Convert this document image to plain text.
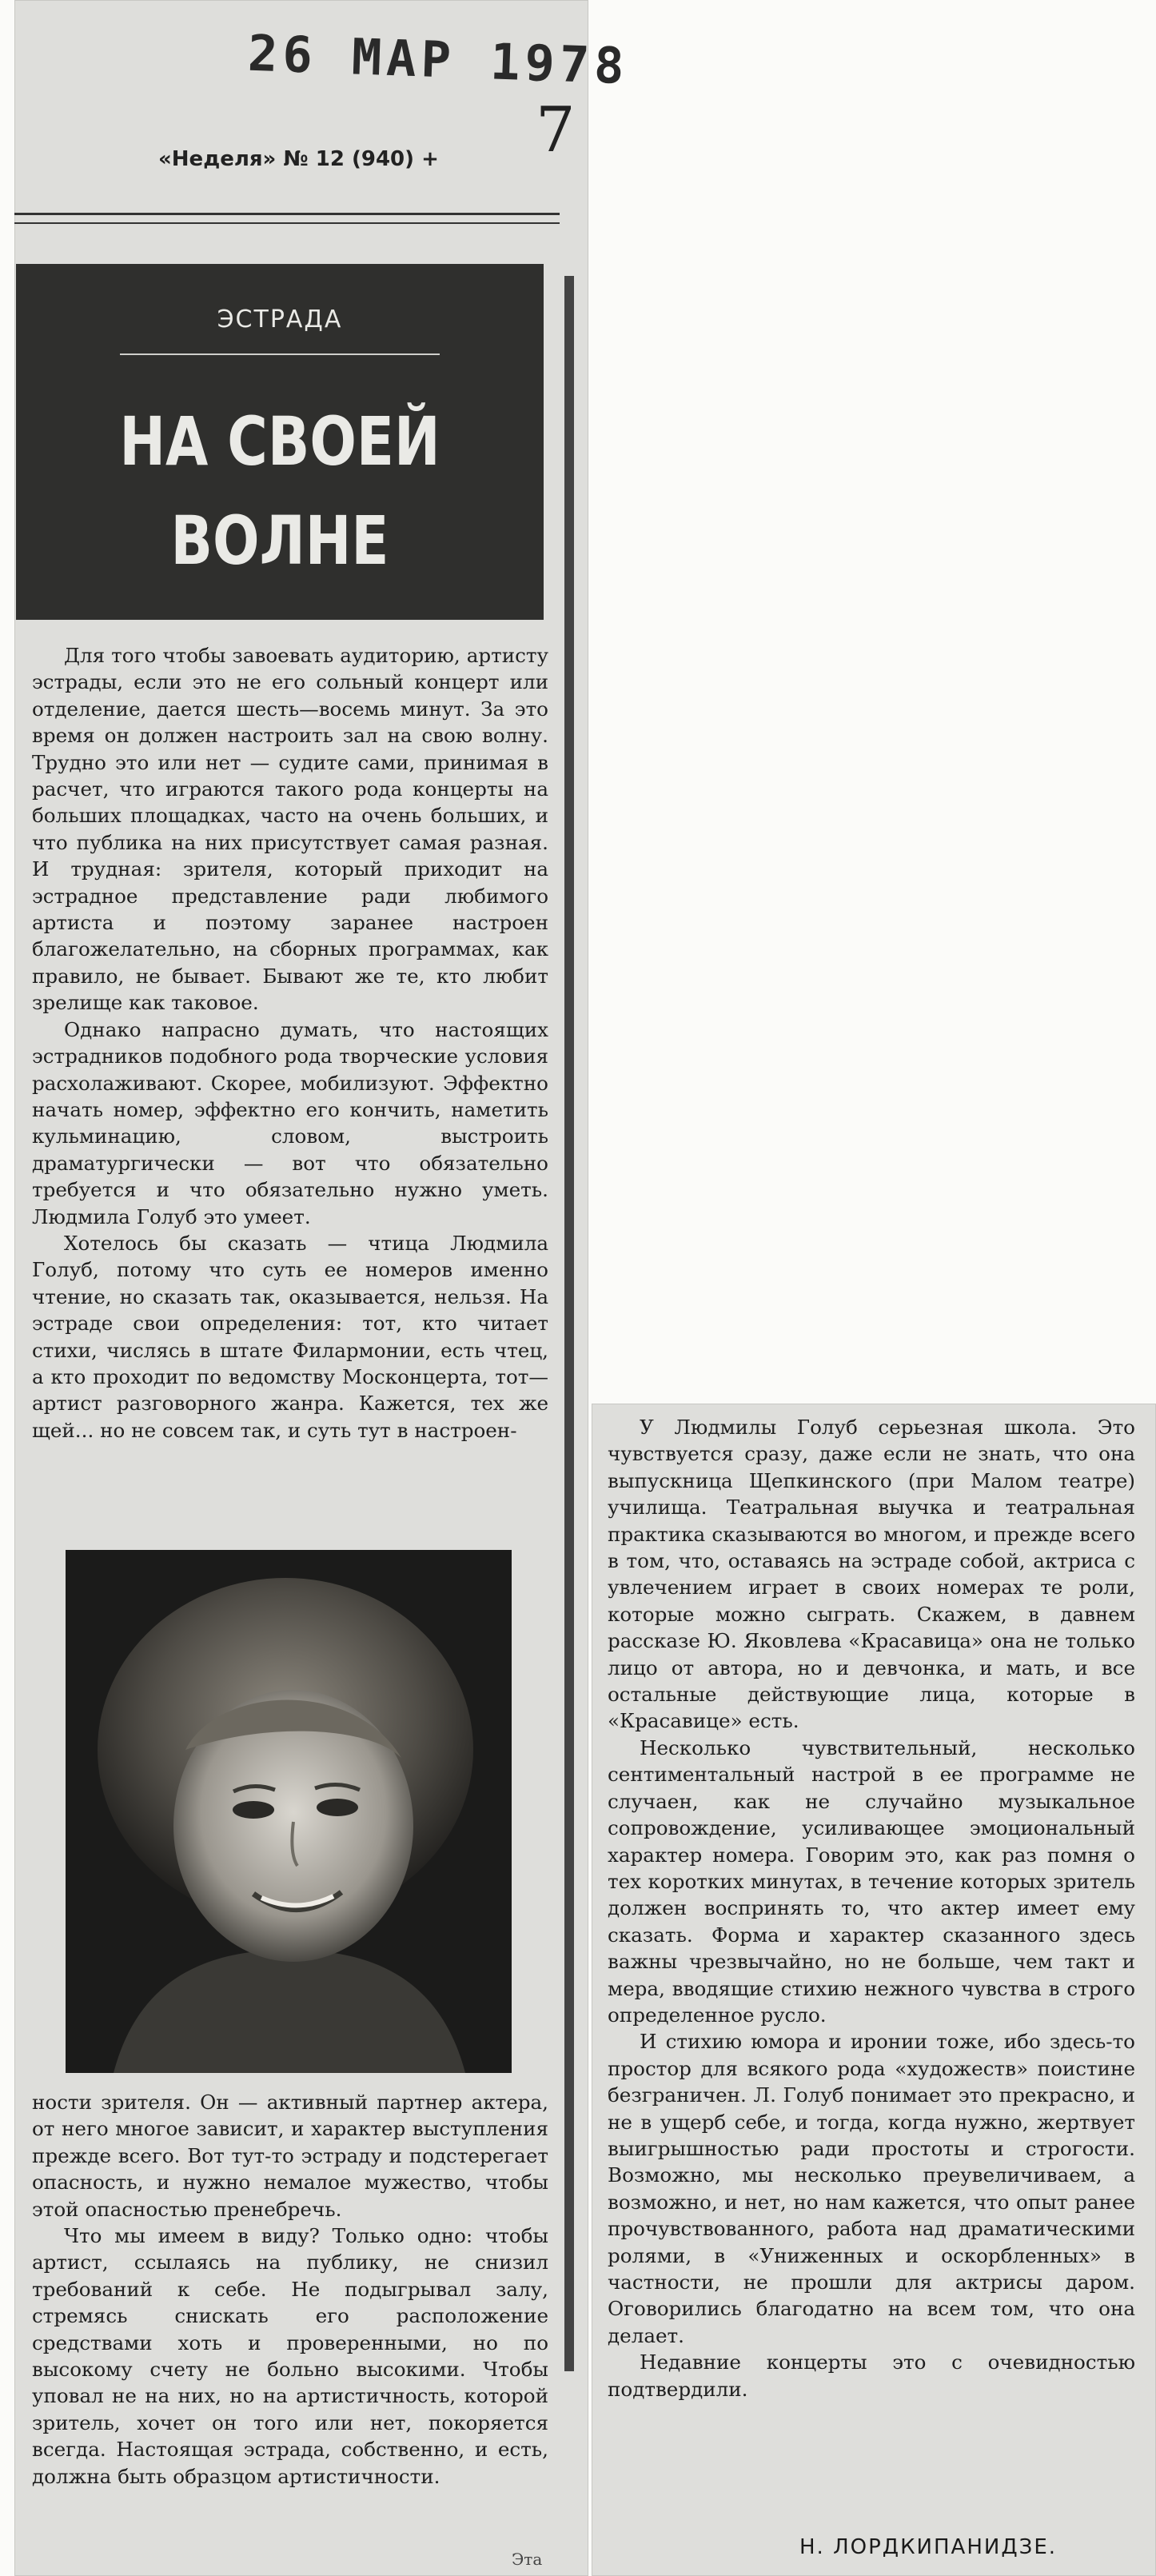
26 МАР 1978
7
«Неделя» № 12 (940) +
ЭСТРАДА
НА СВОЕЙ
ВОЛНЕ

Для того чтобы завоевать аудиторию, артисту эстрады, если это не его сольный концерт или отделение, дается шесть—восемь минут. За это время он должен настроить зал на свою волну. Трудно это или нет — судите сами, принимая в расчет, что играются такого рода концерты на больших площадках, часто на очень больших, и что публика на них присутствует самая разная. И трудная: зрителя, который приходит на эстрадное представление ради любимого артиста и поэтому заранее настроен благожелательно, на сборных программах, как правило, не бывает. Бывают же те, кто любит зрелище как таковое.

Однако напрасно думать, что настоящих эстрадников подобного рода творческие условия расхолаживают. Скорее, мобилизуют. Эффектно начать номер, эффектно его кончить, наметить кульминацию, словом, выстроить драматургически — вот что обязательно требуется и что обязательно нужно уметь. Людмила Голуб это умеет.

Хотелось бы сказать — чтица Людмила Голуб, потому что суть ее номеров именно чтение, но сказать так, оказывается, нельзя. На эстраде свои определения: тот, кто читает стихи, числясь в штате Филармонии, есть чтец, а кто проходит по ведомству Москонцерта, тот—артист разговорного жанра. Кажется, тех же щей... но не совсем так, и суть тут в настроен-

ности зрителя. Он — активный партнер актера, от него многое зависит, и характер выступления прежде всего. Вот тут-то эстраду и подстерегает опасность, и нужно немалое мужество, чтобы этой опасностью пренебречь.

Что мы имеем в виду? Только одно: чтобы артист, ссылаясь на публику, не снизил требований к себе. Не подыгрывал залу, стремясь снискать его расположение средствами хоть и проверенными, но по высокому счету не больно высокими. Чтобы уповал не на них, но на артистичность, которой зритель, хочет он того или нет, покоряется всегда. Настоящая эстрада, собственно, и есть, должна быть образцом артистичности.

Эта

У Людмилы Голуб серьезная школа. Это чувствуется сразу, даже если не знать, что она выпускница Щепкинского (при Малом театре) училища. Театральная выучка и театральная практика сказываются во многом, и прежде всего в том, что, оставаясь на эстраде собой, актриса с увлечением играет в своих номерах те роли, которые можно сыграть. Скажем, в давнем рассказе Ю. Яковлева «Красавица» она не только лицо от автора, но и девчонка, и мать, и все остальные действующие лица, которые в «Красавице» есть.

Несколько чувствительный, несколько сентиментальный настрой в ее программе не случаен, как не случайно музыкальное сопровождение, усиливающее эмоциональный характер номера. Говорим это, как раз помня о тех коротких минутах, в течение которых зритель должен воспринять то, что актер имеет ему сказать. Форма и характер сказанного здесь важны чрезвычайно, но не больше, чем такт и мера, вводящие стихию нежного чувства в строго определенное русло.

И стихию юмора и иронии тоже, ибо здесь-то простор для всякого рода «художеств» поистине безграничен. Л. Голуб понимает это прекрасно, и не в ущерб себе, и тогда, когда нужно, жертвует выигрышностью ради простоты и строгости. Возможно, мы несколько преувеличиваем, а возможно, и нет, но нам кажется, что опыт ранее прочувствованного, работа над драматическими ролями, в «Униженных и оскорбленных» в частности, не прошли для актрисы даром. Оговорились благодатно на всем том, что она делает.

Недавние концерты это с очевидностью подтвердили.

Н. ЛОРДКИПАНИДЗЕ.
